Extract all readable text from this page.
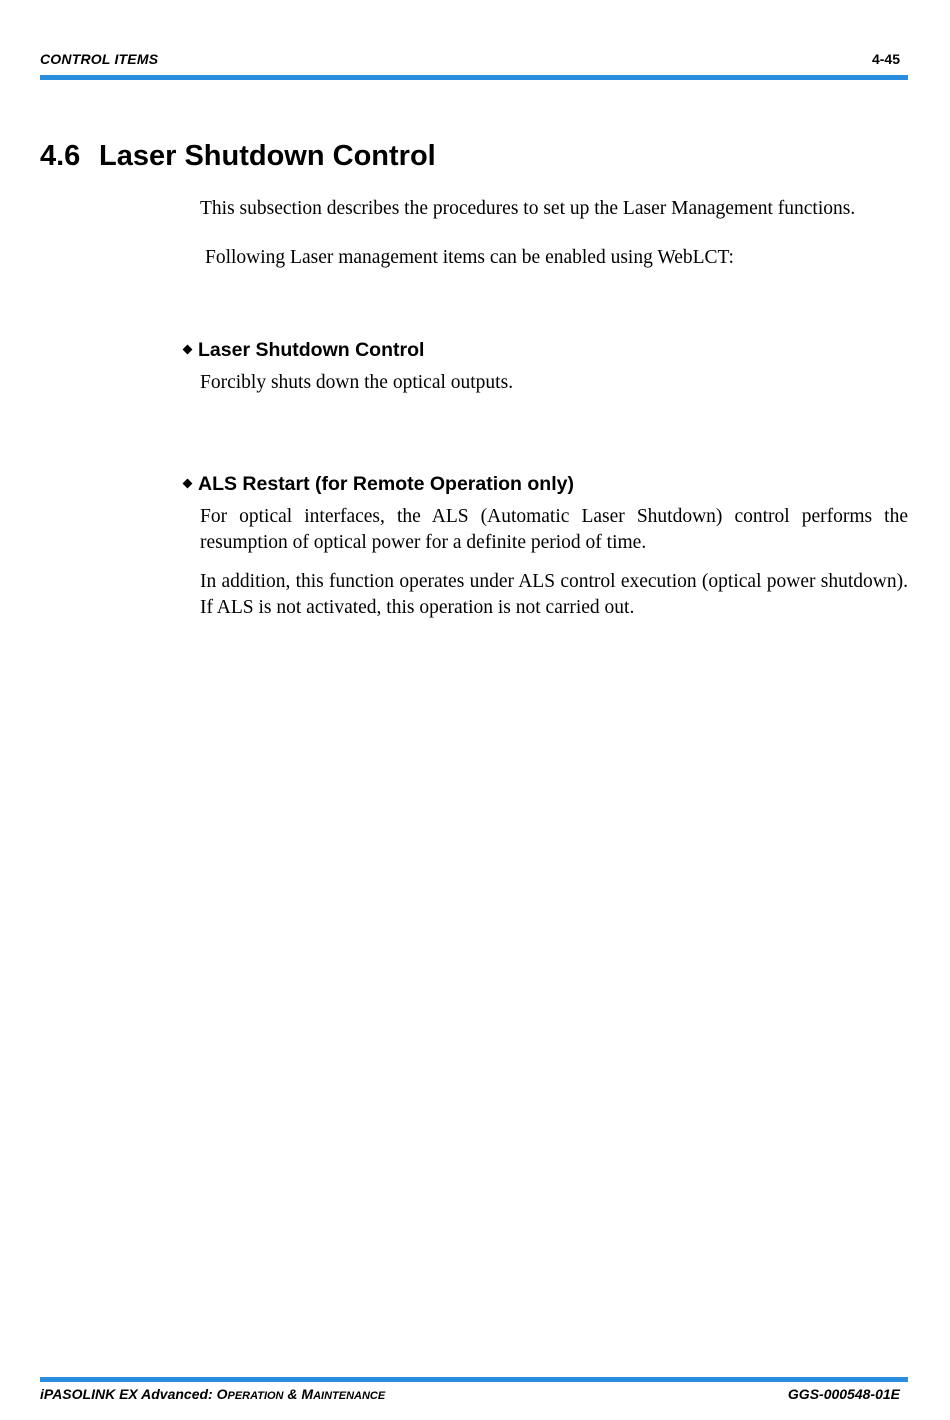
CONTROL ITEMS	4-45
4.6 Laser Shutdown Control

This subsection describes the procedures to set up the Laser Management functions.

Following Laser management items can be enabled using WebLCT:

Laser Shutdown Control

Forcibly shuts down the optical outputs.

ALS Restart (for Remote Operation only)

For optical interfaces, the ALS (Automatic Laser Shutdown) control performs the resumption of optical power for a definite period of time.

In addition, this function operates under ALS control execution (optical power shutdown). If ALS is not activated, this operation is not carried out.

iPASOLINK EX Advanced: OPERATION & MAINTENANCE	GGS-000548-01E
